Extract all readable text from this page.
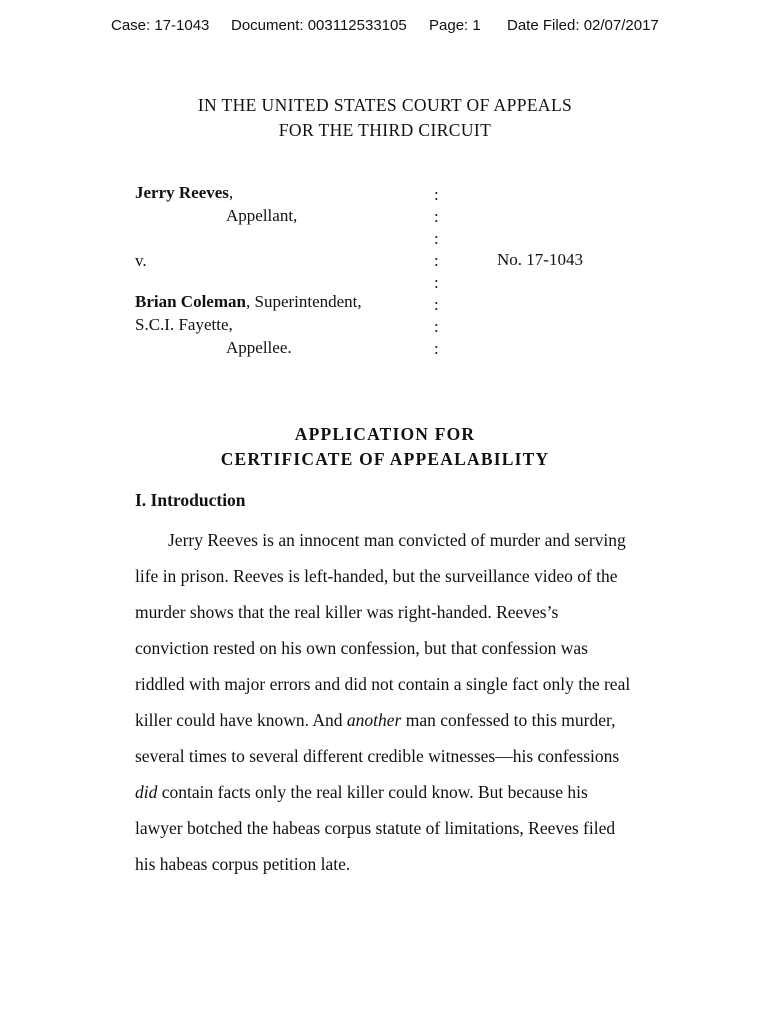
Case: 17-1043 Document: 003112533105 Page: 1 Date Filed: 02/07/2017
IN THE UNITED STATES COURT OF APPEALS
FOR THE THIRD CIRCUIT
Jerry Reeves,
Appellant,
v.
Brian Coleman, Superintendent,
S.C.I. Fayette,
Appellee.
No. 17-1043
:
:
:
:
:
:
:
:
APPLICATION FOR
CERTIFICATE OF APPEALABILITY
I. Introduction
Jerry Reeves is an innocent man convicted of murder and serving
life in prison. Reeves is left-handed, but the surveillance video of the
murder shows that the real killer was right-handed. Reeves’s
conviction rested on his own confession, but that confession was
riddled with major errors and did not contain a single fact only the real
killer could have known. And another man confessed to this murder,
several times to several different credible witnesses—his confessions
did contain facts only the real killer could know. But because his
lawyer botched the habeas corpus statute of limitations, Reeves filed
his habeas corpus petition late.
